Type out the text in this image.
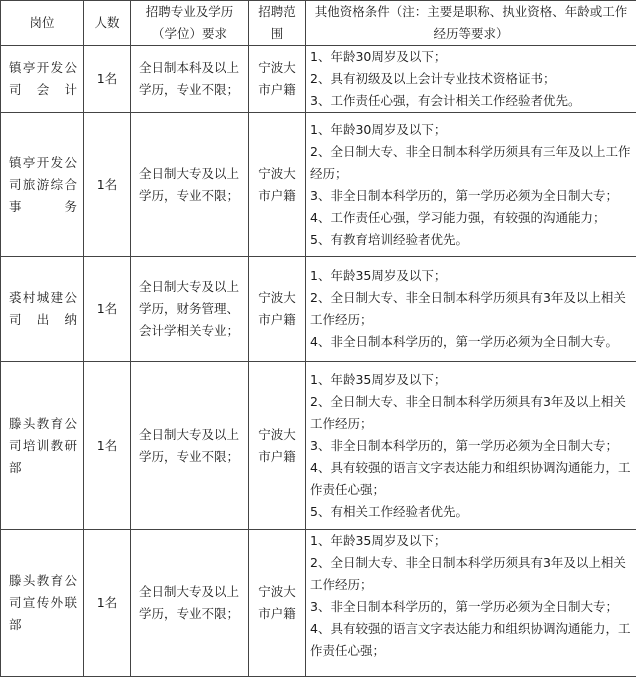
岗位	人数	招聘专业及学历（学位）要求	招聘范围	其他资格条件（注：主要是职称、执业资格、年龄或工作经历等要求）
镇亭开发公司会计	1名	全日制本科及以上学历，专业不限；	宁波大市户籍	1、年龄30周岁及以下；
2、具有初级及以上会计专业技术资格证书；
3、工作责任心强，有会计相关工作经验者优先。

镇亭开发公司旅游综合事务	1名	全日制大专及以上学历，专业不限；	宁波大市户籍	1、年龄30周岁及以下；
2、全日制大专、非全日制本科学历须具有三年及以上工作经历；
3、非全日制本科学历的，第一学历必须为全日制大专；
4、工作责任心强，学习能力强，有较强的沟通能力；
5、有教育培训经验者优先。

裘村城建公司出纳	1名	全日制大专及以上学历，财务管理、会计学相关专业；	宁波大市户籍	1、年龄35周岁及以下；
2、全日制大专、非全日制本科学历须具有3年及以上相关工作经历；
4、非全日制本科学历的，第一学历必须为全日制大专。

滕头教育公司培训教研部	1名	全日制大专及以上学历，专业不限；	宁波大市户籍	1、年龄35周岁及以下；
2、全日制大专、非全日制本科学历须具有3年及以上相关工作经历；
3、非全日制本科学历的，第一学历必须为全日制大专；
4、具有较强的语言文字表达能力和组织协调沟通能力，工作责任心强；
5、有相关工作经验者优先。

滕头教育公司宣传外联部	1名	全日制大专及以上学历，专业不限；	宁波大市户籍	1、年龄35周岁及以下；
2、全日制大专、非全日制本科学历须具有3年及以上相关工作经历；
3、非全日制本科学历的，第一学历必须为全日制大专；
4、具有较强的语言文字表达能力和组织协调沟通能力，工作责任心强；
